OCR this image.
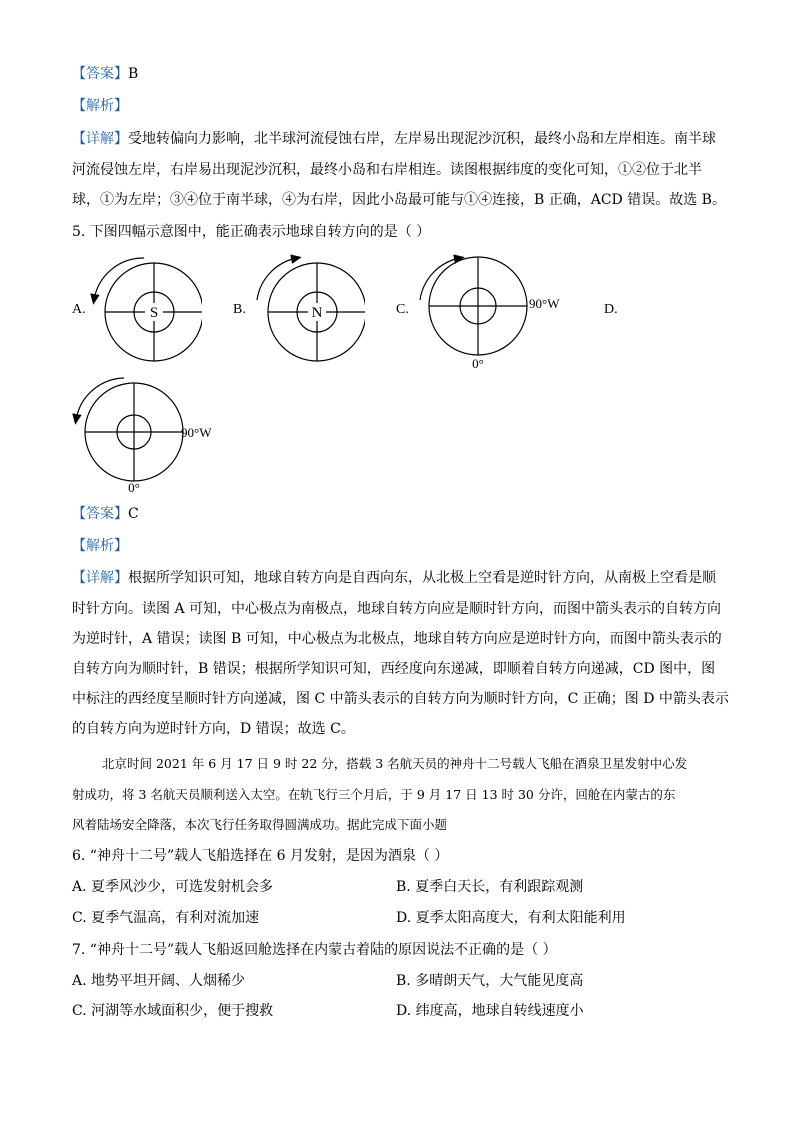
【答案】B
【解析】
【详解】受地转偏向力影响，北半球河流侵蚀右岸，左岸易出现泥沙沉积，最终小岛和左岸相连。南半球
河流侵蚀左岸，右岸易出现泥沙沉积，最终小岛和右岸相连。读图根据纬度的变化可知，①②位于北半
球，①为左岸；③④位于南半球，④为右岸，因此小岛最可能与①④连接，B 正确，ACD 错误。故选 B。
5. 下图四幅示意图中，能正确表示地球自转方向的是（ ）
A.	B.	C.	D.
S	N
90°W
0°
90°W
0°
【答案】C
【解析】
【详解】根据所学知识可知，地球自转方向是自西向东，从北极上空看是逆时针方向，从南极上空看是顺
时针方向。读图 A 可知，中心极点为南极点，地球自转方向应是顺时针方向，而图中箭头表示的自转方向
为逆时针，A 错误；读图 B 可知，中心极点为北极点，地球自转方向应是逆时针方向，而图中箭头表示的
自转方向为顺时针，B 错误；根据所学知识可知，西经度向东递减，即顺着自转方向递减，CD 图中，图
中标注的西经度呈顺时针方向递减，图 C 中箭头表示的自转方向为顺时针方向，C 正确；图 D 中箭头表示
的自转方向为逆时针方向，D 错误；故选 C。
北京时间 2021 年 6 月 17 日 9 时 22 分，搭载 3 名航天员的神舟十二号载人飞船在酒泉卫星发射中心发
射成功，将 3 名航天员顺利送入太空。在轨飞行三个月后，于 9 月 17 日 13 时 30 分许，回舱在内蒙古的东
风着陆场安全降落，本次飞行任务取得圆满成功。据此完成下面小题
6. “神舟十二号”载人飞船选择在 6 月发射，是因为酒泉（ ）
A. 夏季风沙少，可选发射机会多	B. 夏季白天长，有利跟踪观测
C. 夏季气温高，有利对流加速	D. 夏季太阳高度大，有利太阳能利用
7. “神舟十二号”载人飞船返回舱选择在内蒙古着陆的原因说法不正确的是（ ）
A. 地势平坦开阔、人烟稀少	B. 多晴朗天气，大气能见度高
C. 河湖等水域面积少，便于搜救	D. 纬度高，地球自转线速度小
